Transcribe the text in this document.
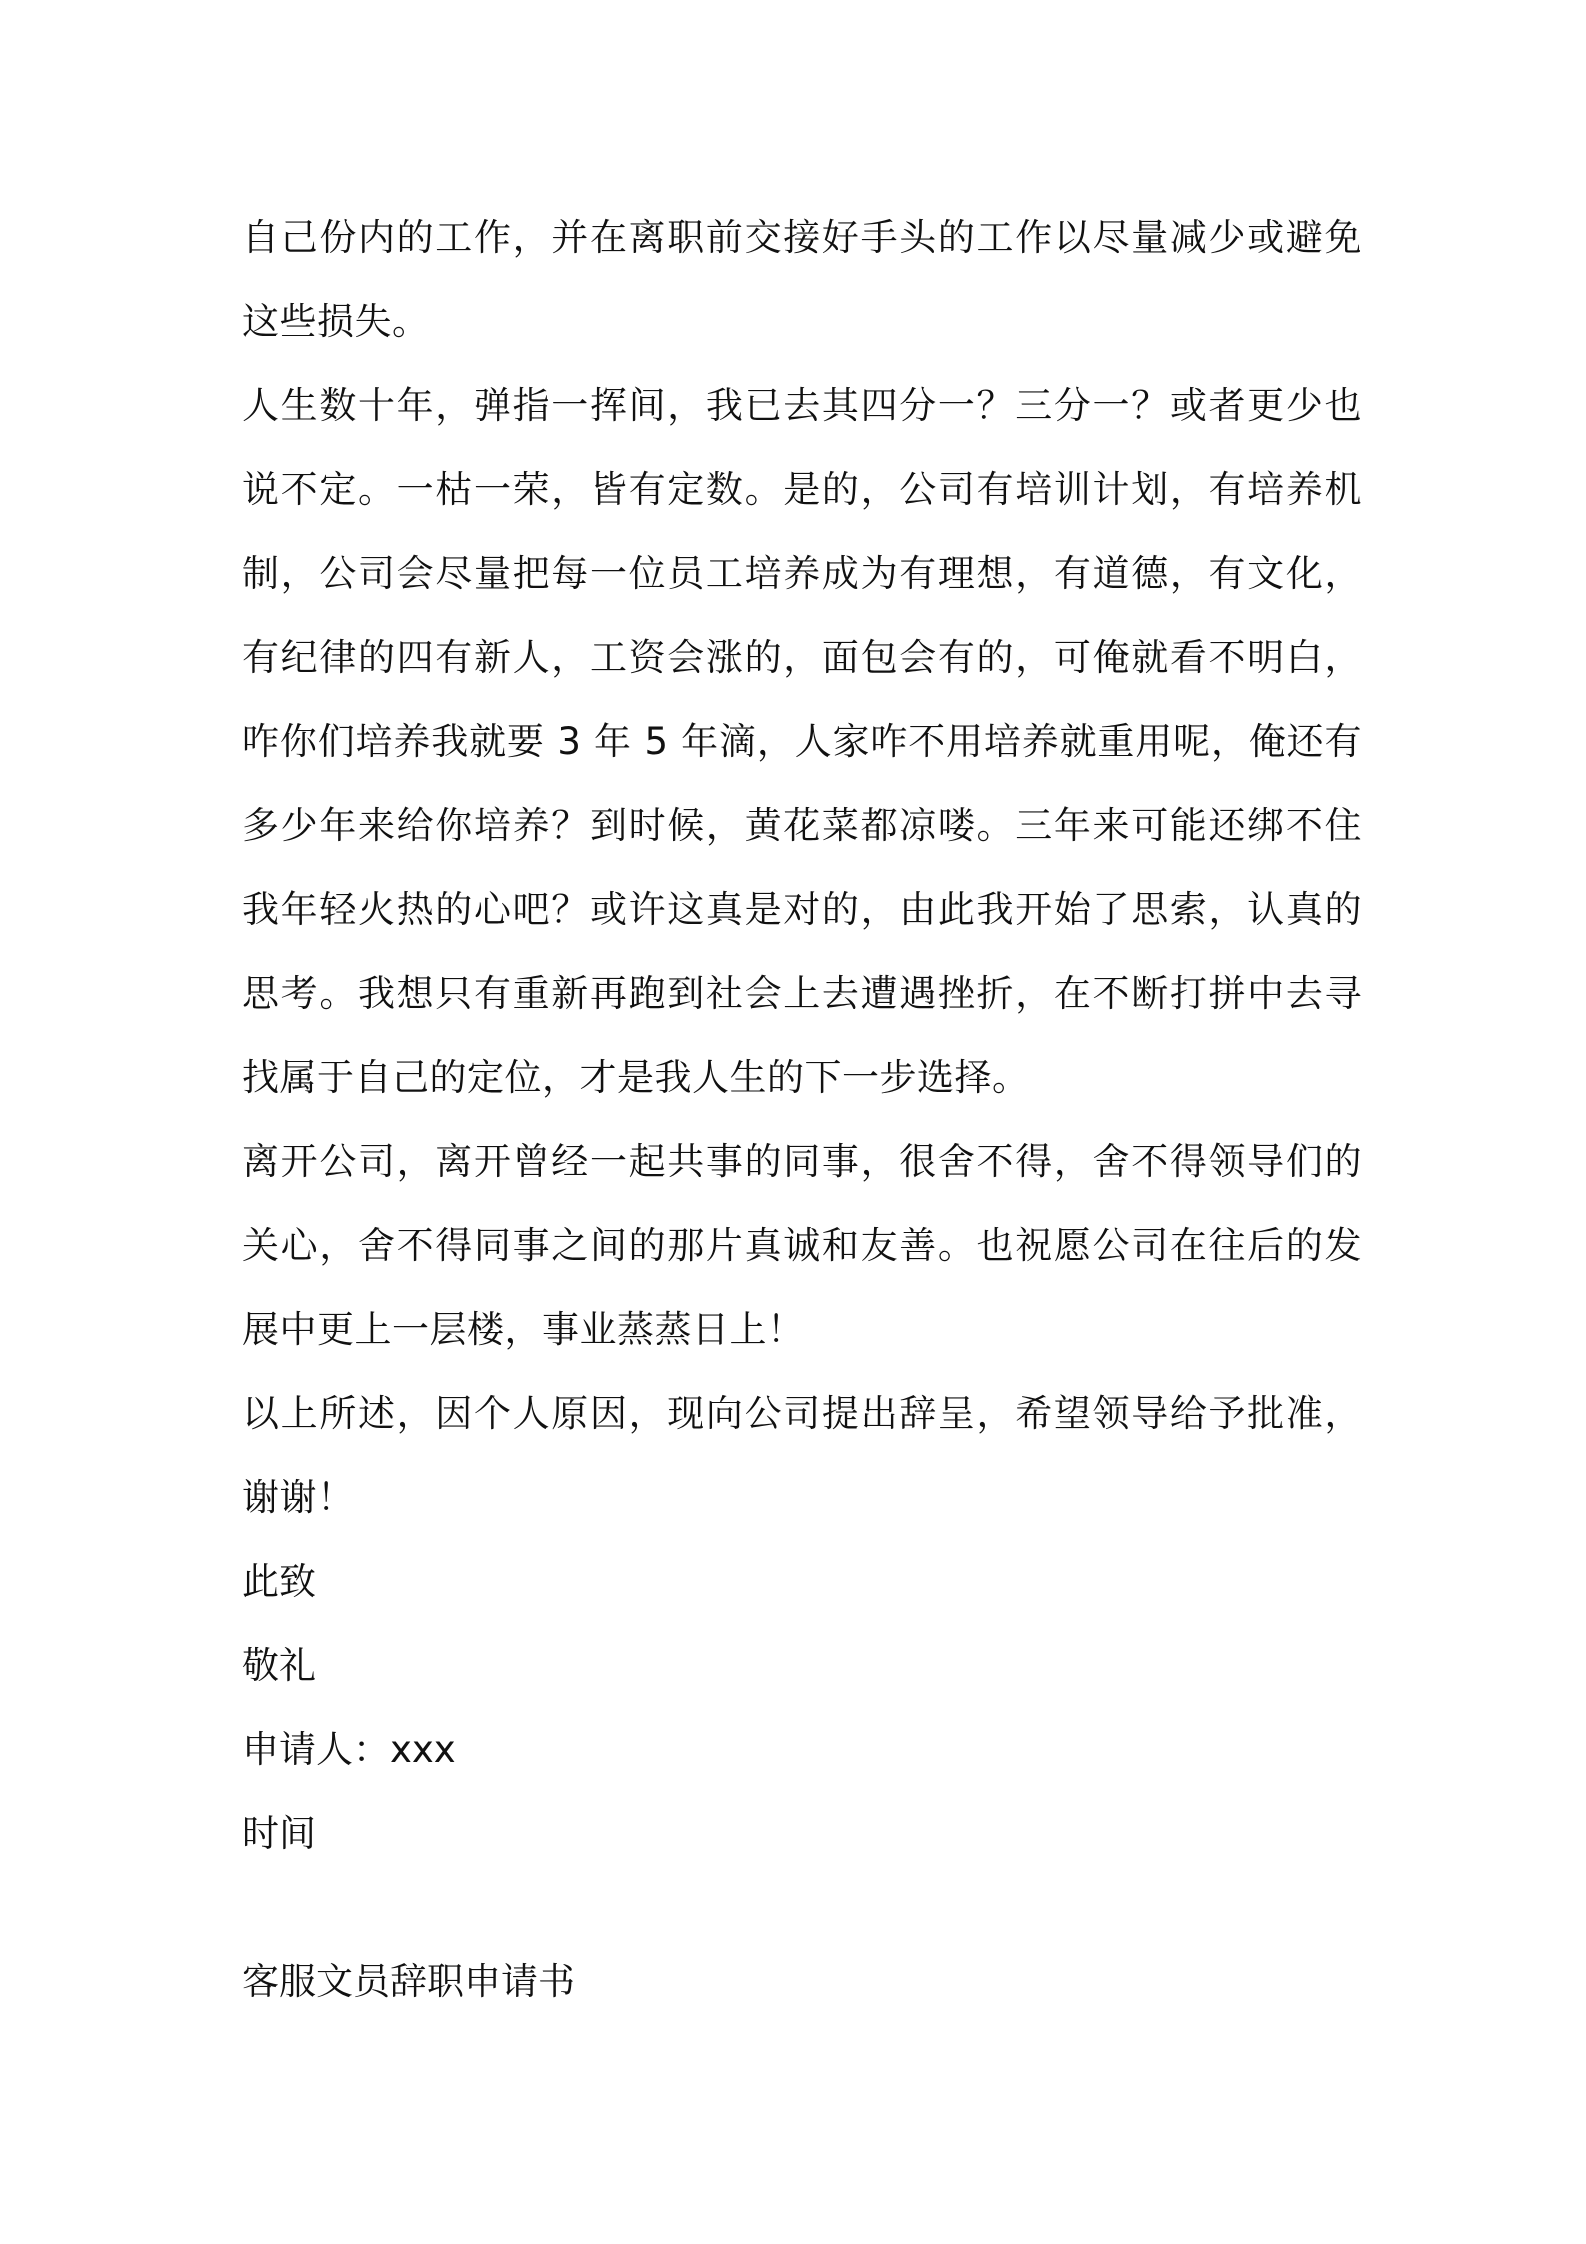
自己份内的工作，并在离职前交接好手头的工作以尽量减少或避免这些损失。

人生数十年，弹指一挥间，我已去其四分一？三分一？或者更少也说不定。一枯一荣，皆有定数。是的，公司有培训计划，有培养机制，公司会尽量把每一位员工培养成为有理想，有道德，有文化，有纪律的四有新人，工资会涨的，面包会有的，可俺就看不明白，咋你们培养我就要 3 年 5 年滴，人家咋不用培养就重用呢，俺还有多少年来给你培养？到时候，黄花菜都凉喽。三年来可能还绑不住我年轻火热的心吧？或许这真是对的，由此我开始了思索，认真的思考。我想只有重新再跑到社会上去遭遇挫折，在不断打拼中去寻找属于自己的定位，才是我人生的下一步选择。

离开公司，离开曾经一起共事的同事，很舍不得，舍不得领导们的关心，舍不得同事之间的那片真诚和友善。也祝愿公司在往后的发展中更上一层楼，事业蒸蒸日上！

以上所述，因个人原因，现向公司提出辞呈，希望领导给予批准，谢谢！

此致

敬礼

申请人：xxx

时间

客服文员辞职申请书
